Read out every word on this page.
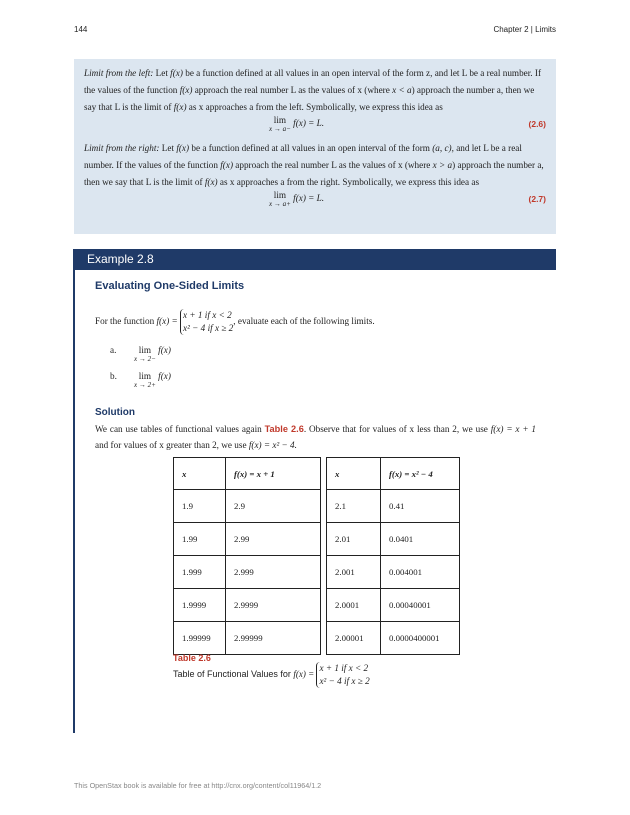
144	Chapter 2 | Limits

Limit from the left: Let f(x) be a function defined at all values in an open interval of the form z, and let L be a real number. If the values of the function f(x) approach the real number L as the values of x (where x < a) approach the number a, then we say that L is the limit of f(x) as x approaches a from the left. Symbolically, we express this idea as

lim
x → a−
f(x) = L.	(2.6)

Limit from the right: Let f(x) be a function defined at all values in an open interval of the form (a, c), and let L be a real number. If the values of the function f(x) approach the real number L as the values of x (where x > a) approach the number a, then we say that L is the limit of f(x) as x approaches a from the right. Symbolically, we express this idea as

lim
x → a+
f(x) = L.	(2.7)
Example 2.8
Evaluating One-Sided Limits
For the function f(x) = x + 1 if x < 2
x² − 4 if x ≥ 2, evaluate each of the following limits.
a. lim
x → 2−
f(x)
b. lim
x → 2+
f(x)
Solution
We can use tables of functional values again Table 2.6. Observe that for values of x less than 2, we use f(x) = x + 1 and for values of x greater than 2, we use f(x) = x² − 4.
x	f(x) = x + 1		x	f(x) = x² − 4
1.9	2.9		2.1	0.41
1.99	2.99		2.01	0.0401
1.999	2.999		2.001	0.004001
1.9999	2.9999		2.0001	0.00040001
1.99999	2.99999		2.00001	0.0000400001
Table 2.6
Table of Functional Values for f(x) = x + 1 if x < 2
x² − 4 if x ≥ 2
This OpenStax book is available for free at http://cnx.org/content/col11964/1.2
